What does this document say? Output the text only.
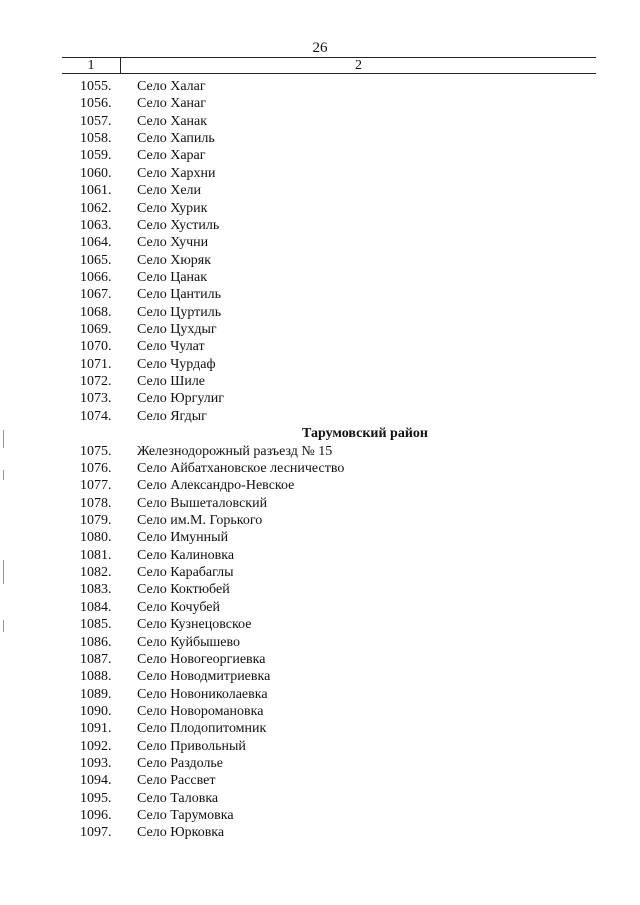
26
1	2
1055. Село Халаг
1056. Село Ханаг
1057. Село Ханак
1058. Село Хапиль
1059. Село Хараг
1060. Село Хархни
1061. Село Хели
1062. Село Хурик
1063. Село Хустиль
1064. Село Хучни
1065. Село Хюряк
1066. Село Цанак
1067. Село Цантиль
1068. Село Цуртиль
1069. Село Цухдыг
1070. Село Чулат
1071. Село Чурдаф
1072. Село Шиле
1073. Село Юргулиг
1074. Село Ягдыг
Тарумовский район
1075. Железнодорожный разъезд № 15
1076. Село Айбатхановское лесничество
1077. Село Александро-Невское
1078. Село Вышеталовский
1079. Село им.М. Горького
1080. Село Имунный
1081. Село Калиновка
1082. Село Карабаглы
1083. Село Коктюбей
1084. Село Кочубей
1085. Село Кузнецовское
1086. Село Куйбышево
1087. Село Новогеоргиевка
1088. Село Новодмитриевка
1089. Село Новониколаевка
1090. Село Новоромановка
1091. Село Плодопитомник
1092. Село Привольный
1093. Село Раздолье
1094. Село Рассвет
1095. Село Таловка
1096. Село Тарумовка
1097. Село Юрковка
